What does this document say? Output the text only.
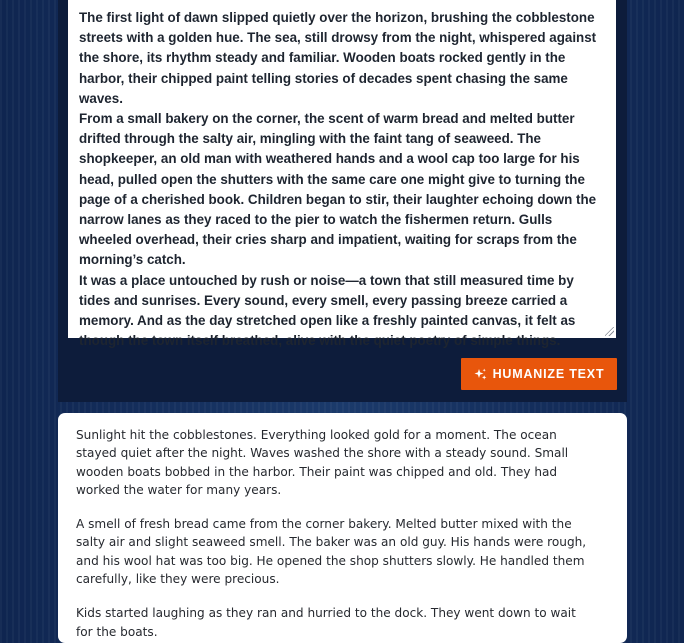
The first light of dawn slipped quietly over the horizon, brushing the cobblestone streets with a golden hue. The sea, still drowsy from the night, whispered against the shore, its rhythm steady and familiar. Wooden boats rocked gently in the harbor, their chipped paint telling stories of decades spent chasing the same waves.

From a small bakery on the corner, the scent of warm bread and melted butter drifted through the salty air, mingling with the faint tang of seaweed. The shopkeeper, an old man with weathered hands and a wool cap too large for his head, pulled open the shutters with the same care one might give to turning the page of a cherished book. Children began to stir, their laughter echoing down the narrow lanes as they raced to the pier to watch the fishermen return. Gulls wheeled overhead, their cries sharp and impatient, waiting for scraps from the morning’s catch.

It was a place untouched by rush or noise—a town that still measured time by tides and sunrises. Every sound, every smell, every passing breeze carried a memory. And as the day stretched open like a freshly painted canvas, it felt as though the town itself breathed, alive with the quiet poetry of simple things.

HUMANIZE TEXT

Sunlight hit the cobblestones. Everything looked gold for a moment. The ocean stayed quiet after the night. Waves washed the shore with a steady sound. Small wooden boats bobbed in the harbor. Their paint was chipped and old. They had worked the water for many years.

A smell of fresh bread came from the corner bakery. Melted butter mixed with the salty air and slight seaweed smell. The baker was an old guy. His hands were rough, and his wool hat was too big. He opened the shop shutters slowly. He handled them carefully, like they were precious.

Kids started laughing as they ran and hurried to the dock. They went down to wait for the boats.
